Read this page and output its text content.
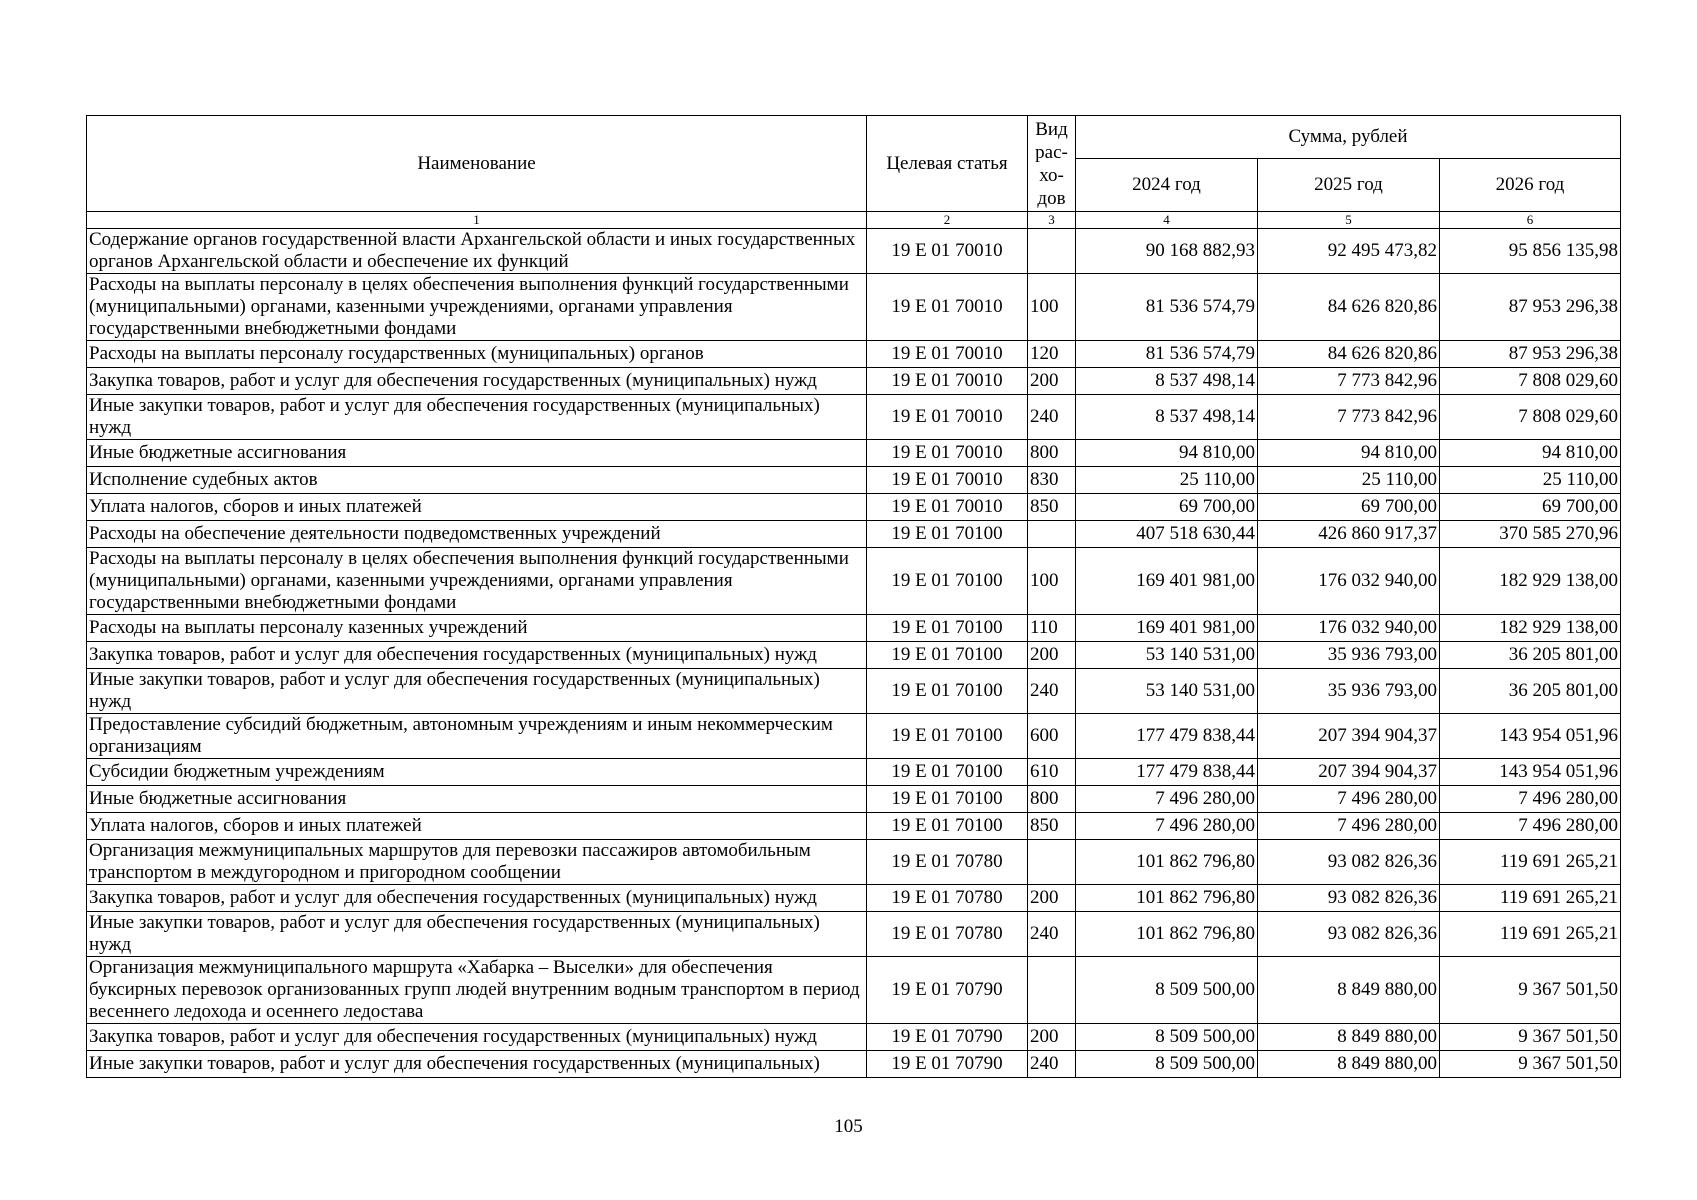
Наименование	Целевая статья	Вид рас- хо- дов	Сумма, рублей		
			2024 год	2025 год	2026 год
1	2	3	4	5	6
Содержание органов государственной власти Архангельской области и иных государственных органов Архангельской области и обеспечение их функций	19 Е 01 70010		90 168 882,93	92 495 473,82	95 856 135,98
Расходы на выплаты персоналу в целях обеспечения выполнения функций государственными (муниципальными) органами, казенными учреждениями, органами управления государственными внебюджетными фондами	19 Е 01 70010	100	81 536 574,79	84 626 820,86	87 953 296,38
Расходы на выплаты персоналу государственных (муниципальных) органов	19 Е 01 70010	120	81 536 574,79	84 626 820,86	87 953 296,38
Закупка товаров, работ и услуг для обеспечения государственных (муниципальных) нужд	19 Е 01 70010	200	8 537 498,14	7 773 842,96	7 808 029,60
Иные закупки товаров, работ и услуг для обеспечения государственных (муниципальных) нужд	19 Е 01 70010	240	8 537 498,14	7 773 842,96	7 808 029,60
Иные бюджетные ассигнования	19 Е 01 70010	800	94 810,00	94 810,00	94 810,00
Исполнение судебных актов	19 Е 01 70010	830	25 110,00	25 110,00	25 110,00
Уплата налогов, сборов и иных платежей	19 Е 01 70010	850	69 700,00	69 700,00	69 700,00
Расходы на обеспечение деятельности подведомственных учреждений	19 Е 01 70100		407 518 630,44	426 860 917,37	370 585 270,96
Расходы на выплаты персоналу в целях обеспечения выполнения функций государственными (муниципальными) органами, казенными учреждениями, органами управления государственными внебюджетными фондами	19 Е 01 70100	100	169 401 981,00	176 032 940,00	182 929 138,00
Расходы на выплаты персоналу казенных учреждений	19 Е 01 70100	110	169 401 981,00	176 032 940,00	182 929 138,00
Закупка товаров, работ и услуг для обеспечения государственных (муниципальных) нужд	19 Е 01 70100	200	53 140 531,00	35 936 793,00	36 205 801,00
Иные закупки товаров, работ и услуг для обеспечения государственных (муниципальных) нужд	19 Е 01 70100	240	53 140 531,00	35 936 793,00	36 205 801,00
Предоставление субсидий бюджетным, автономным учреждениям и иным некоммерческим организациям	19 Е 01 70100	600	177 479 838,44	207 394 904,37	143 954 051,96
Субсидии бюджетным учреждениям	19 Е 01 70100	610	177 479 838,44	207 394 904,37	143 954 051,96
Иные бюджетные ассигнования	19 Е 01 70100	800	7 496 280,00	7 496 280,00	7 496 280,00
Уплата налогов, сборов и иных платежей	19 Е 01 70100	850	7 496 280,00	7 496 280,00	7 496 280,00
Организация межмуниципальных маршрутов для перевозки пассажиров автомобильным транспортом в междугородном и пригородном сообщении	19 Е 01 70780		101 862 796,80	93 082 826,36	119 691 265,21
Закупка товаров, работ и услуг для обеспечения государственных (муниципальных) нужд	19 Е 01 70780	200	101 862 796,80	93 082 826,36	119 691 265,21
Иные закупки товаров, работ и услуг для обеспечения государственных (муниципальных) нужд	19 Е 01 70780	240	101 862 796,80	93 082 826,36	119 691 265,21
Организация межмуниципального маршрута «Хабарка – Выселки» для обеспечения буксирных перевозок организованных групп людей внутренним водным транспортом в период весеннего ледохода и осеннего ледостава	19 Е 01 70790		8 509 500,00	8 849 880,00	9 367 501,50
Закупка товаров, работ и услуг для обеспечения государственных (муниципальных) нужд	19 Е 01 70790	200	8 509 500,00	8 849 880,00	9 367 501,50
Иные закупки товаров, работ и услуг для обеспечения государственных (муниципальных)	19 Е 01 70790	240	8 509 500,00	8 849 880,00	9 367 501,50
105
